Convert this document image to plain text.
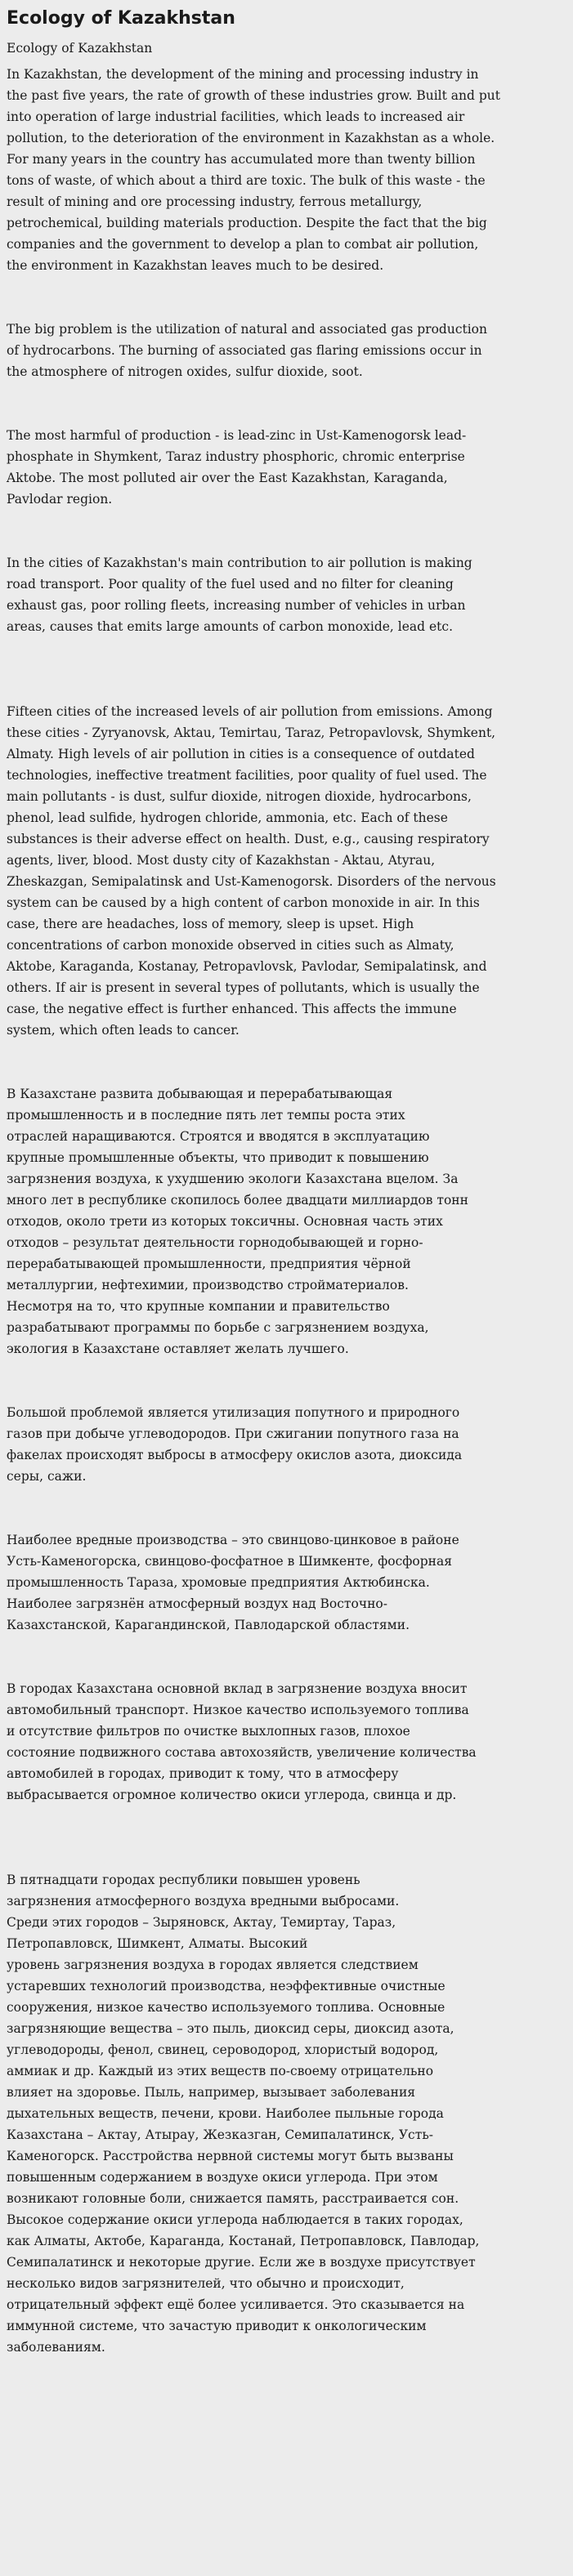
Ecology of Kazakhstan
Ecology of Kazakhstan

In Kazakhstan, the development of the mining and processing industry in
the past five years, the rate of growth of these industries grow. Built and put
into operation of large industrial facilities, which leads to increased air
pollution, to the deterioration of the environment in Kazakhstan as a whole.
For many years in the country has accumulated more than twenty billion
tons of waste, of which about a third are toxic. The bulk of this waste - the
result of mining and ore processing industry, ferrous metallurgy,
petrochemical, building materials production. Despite the fact that the big
companies and the government to develop a plan to combat air pollution,
the environment in Kazakhstan leaves much to be desired.

The big problem is the utilization of natural and associated gas production
of hydrocarbons. The burning of associated gas flaring emissions occur in
the atmosphere of nitrogen oxides, sulfur dioxide, soot.

The most harmful of production - is lead-zinc in Ust-Kamenogorsk lead-
phosphate in Shymkent, Taraz industry phosphoric, chromic enterprise
Aktobe. The most polluted air over the East Kazakhstan, Karaganda,
Pavlodar region.

In the cities of Kazakhstan's main contribution to air pollution is making
road transport. Poor quality of the fuel used and no filter for cleaning
exhaust gas, poor rolling fleets, increasing number of vehicles in urban
areas, causes that emits large amounts of carbon monoxide, lead etc.

Fifteen cities of the increased levels of air pollution from emissions. Among
these cities - Zyryanovsk, Aktau, Temirtau, Taraz, Petropavlovsk, Shymkent,
Almaty. High levels of air pollution in cities is a consequence of outdated
technologies, ineffective treatment facilities, poor quality of fuel used. The
main pollutants - is dust, sulfur dioxide, nitrogen dioxide, hydrocarbons,
phenol, lead sulfide, hydrogen chloride, ammonia, etc. Each of these
substances is their adverse effect on health. Dust, e.g., causing respiratory
agents, liver, blood. Most dusty city of Kazakhstan - Aktau, Atyrau,
Zheskazgan, Semipalatinsk and Ust-Kamenogorsk. Disorders of the nervous
system can be caused by a high content of carbon monoxide in air. In this
case, there are headaches, loss of memory, sleep is upset. High
concentrations of carbon monoxide observed in cities such as Almaty,
Aktobe, Karaganda, Kostanay, Petropavlovsk, Pavlodar, Semipalatinsk, and
others. If air is present in several types of pollutants, which is usually the
case, the negative effect is further enhanced. This affects the immune
system, which often leads to cancer.

В Казахстане развита добывающая и перерабатывающая
промышленность и в последние пять лет темпы роста этих
отраслей наращиваются. Строятся и вводятся в эксплуатацию
крупные промышленные объекты, что приводит к повышению
загрязнения воздуха, к ухудшению экологи Казахстана вцелом. За
много лет в республике скопилось более двадцати миллиардов тонн
отходов, около трети из которых токсичны. Основная часть этих
отходов – результат деятельности горнодобывающей и горно-
перерабатывающей промышленности, предприятия чёрной
металлургии, нефтехимии, производство стройматериалов.
Несмотря на то, что крупные компании и правительство
разрабатывают программы по борьбе с загрязнением воздуха,
экология в Казахстане оставляет желать лучшего.

Большой проблемой является утилизация попутного и природного
газов при добыче углеводородов. При сжигании попутного газа на
факелах происходят выбросы в атмосферу окислов азота, диоксида
серы, сажи.

Наиболее вредные производства – это свинцово-цинковое в районе
Усть-Каменогорска, свинцово-фосфатное в Шимкенте, фосфорная
промышленность Тараза, хромовые предприятия Актюбинска.
Наиболее загрязнён атмосферный воздух над Восточно-
Казахстанской, Карагандинской, Павлодарской областями.

В городах Казахстана основной вклад в загрязнение воздуха вносит
автомобильный транспорт. Низкое качество используемого топлива
и отсутствие фильтров по очистке выхлопных газов, плохое
состояние подвижного состава автохозяйств, увеличение количества
автомобилей в городах, приводит к тому, что в атмосферу
выбрасывается огромное количество окиси углерода, свинца и др.

В пятнадцати городах республики повышен уровень
загрязнения атмосферного воздуха вредными выбросами.
Среди этих городов – Зыряновск, Актау, Темиртау, Тараз,
Петропавловск, Шимкент, Алматы. Высокий
уровень загрязнения воздуха в городах является следствием
устаревших технологий производства, неэффективные очистные
сооружения, низкое качество используемого топлива. Основные
загрязняющие вещества – это пыль, диоксид серы, диоксид азота,
углеводороды, фенол, свинец, сероводород, хлористый водород,
аммиак и др. Каждый из этих веществ по-своему отрицательно
влияет на здоровье. Пыль, например, вызывает заболевания
дыхательных веществ, печени, крови. Наиболее пыльные города
Казахстана – Актау, Атырау, Жезказган, Семипалатинск, Усть-
Каменогорск. Расстройства нервной системы могут быть вызваны
повышенным содержанием в воздухе окиси углерода. При этом
возникают головные боли, снижается память, расстраивается сон.
Высокое содержание окиси углерода наблюдается в таких городах,
как Алматы, Актобе, Караганда, Костанай, Петропавловск, Павлодар,
Семипалатинск и некоторые другие. Если же в воздухе присутствует
несколько видов загрязнителей, что обычно и происходит,
отрицательный эффект ещё более усиливается. Это сказывается на
иммунной системе, что зачастую приводит к онкологическим
заболеваниям.
